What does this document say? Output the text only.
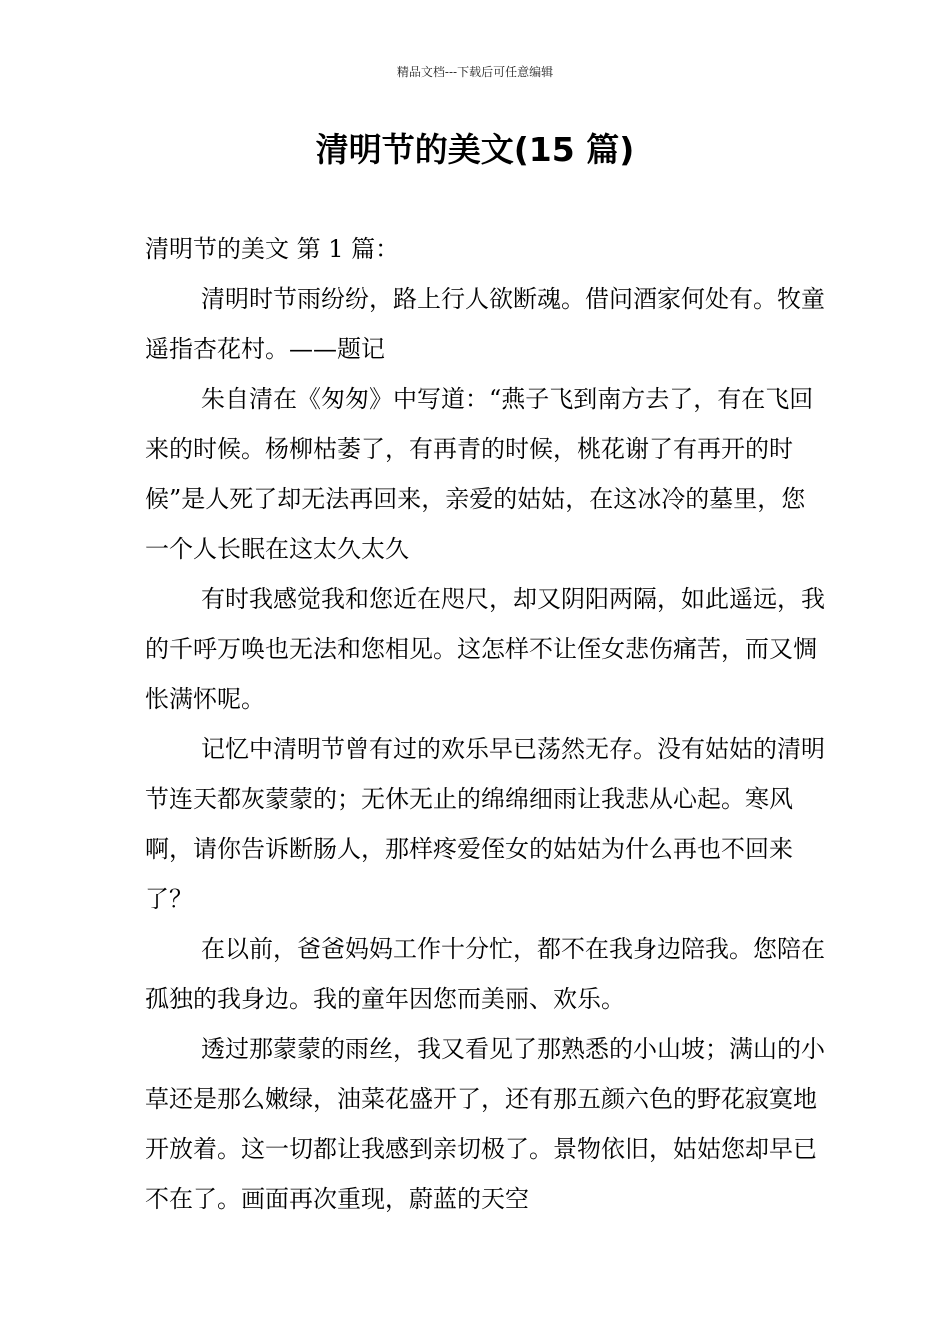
精品文档---下载后可任意编辑
清明节的美文(15 篇)

清明节的美文 第 1 篇：

清明时节雨纷纷，路上行人欲断魂。借问酒家何处有。牧童遥指杏花村。——题记

朱自清在《匆匆》中写道：“燕子飞到南方去了，有在飞回来的时候。杨柳枯萎了，有再青的时候，桃花谢了有再开的时候”是人死了却无法再回来，亲爱的姑姑，在这冰冷的墓里，您一个人长眠在这太久太久

有时我感觉我和您近在咫尺，却又阴阳两隔，如此遥远，我的千呼万唤也无法和您相见。这怎样不让侄女悲伤痛苦，而又惆怅满怀呢。

记忆中清明节曾有过的欢乐早已荡然无存。没有姑姑的清明节连天都灰蒙蒙的；无休无止的绵绵细雨让我悲从心起。寒风啊，请你告诉断肠人，那样疼爱侄女的姑姑为什么再也不回来了？

在以前，爸爸妈妈工作十分忙，都不在我身边陪我。您陪在孤独的我身边。我的童年因您而美丽、欢乐。

透过那蒙蒙的雨丝，我又看见了那熟悉的小山坡；满山的小草还是那么嫩绿，油菜花盛开了，还有那五颜六色的野花寂寞地开放着。这一切都让我感到亲切极了。景物依旧，姑姑您却早已不在了。画面再次重现，蔚蓝的天空
